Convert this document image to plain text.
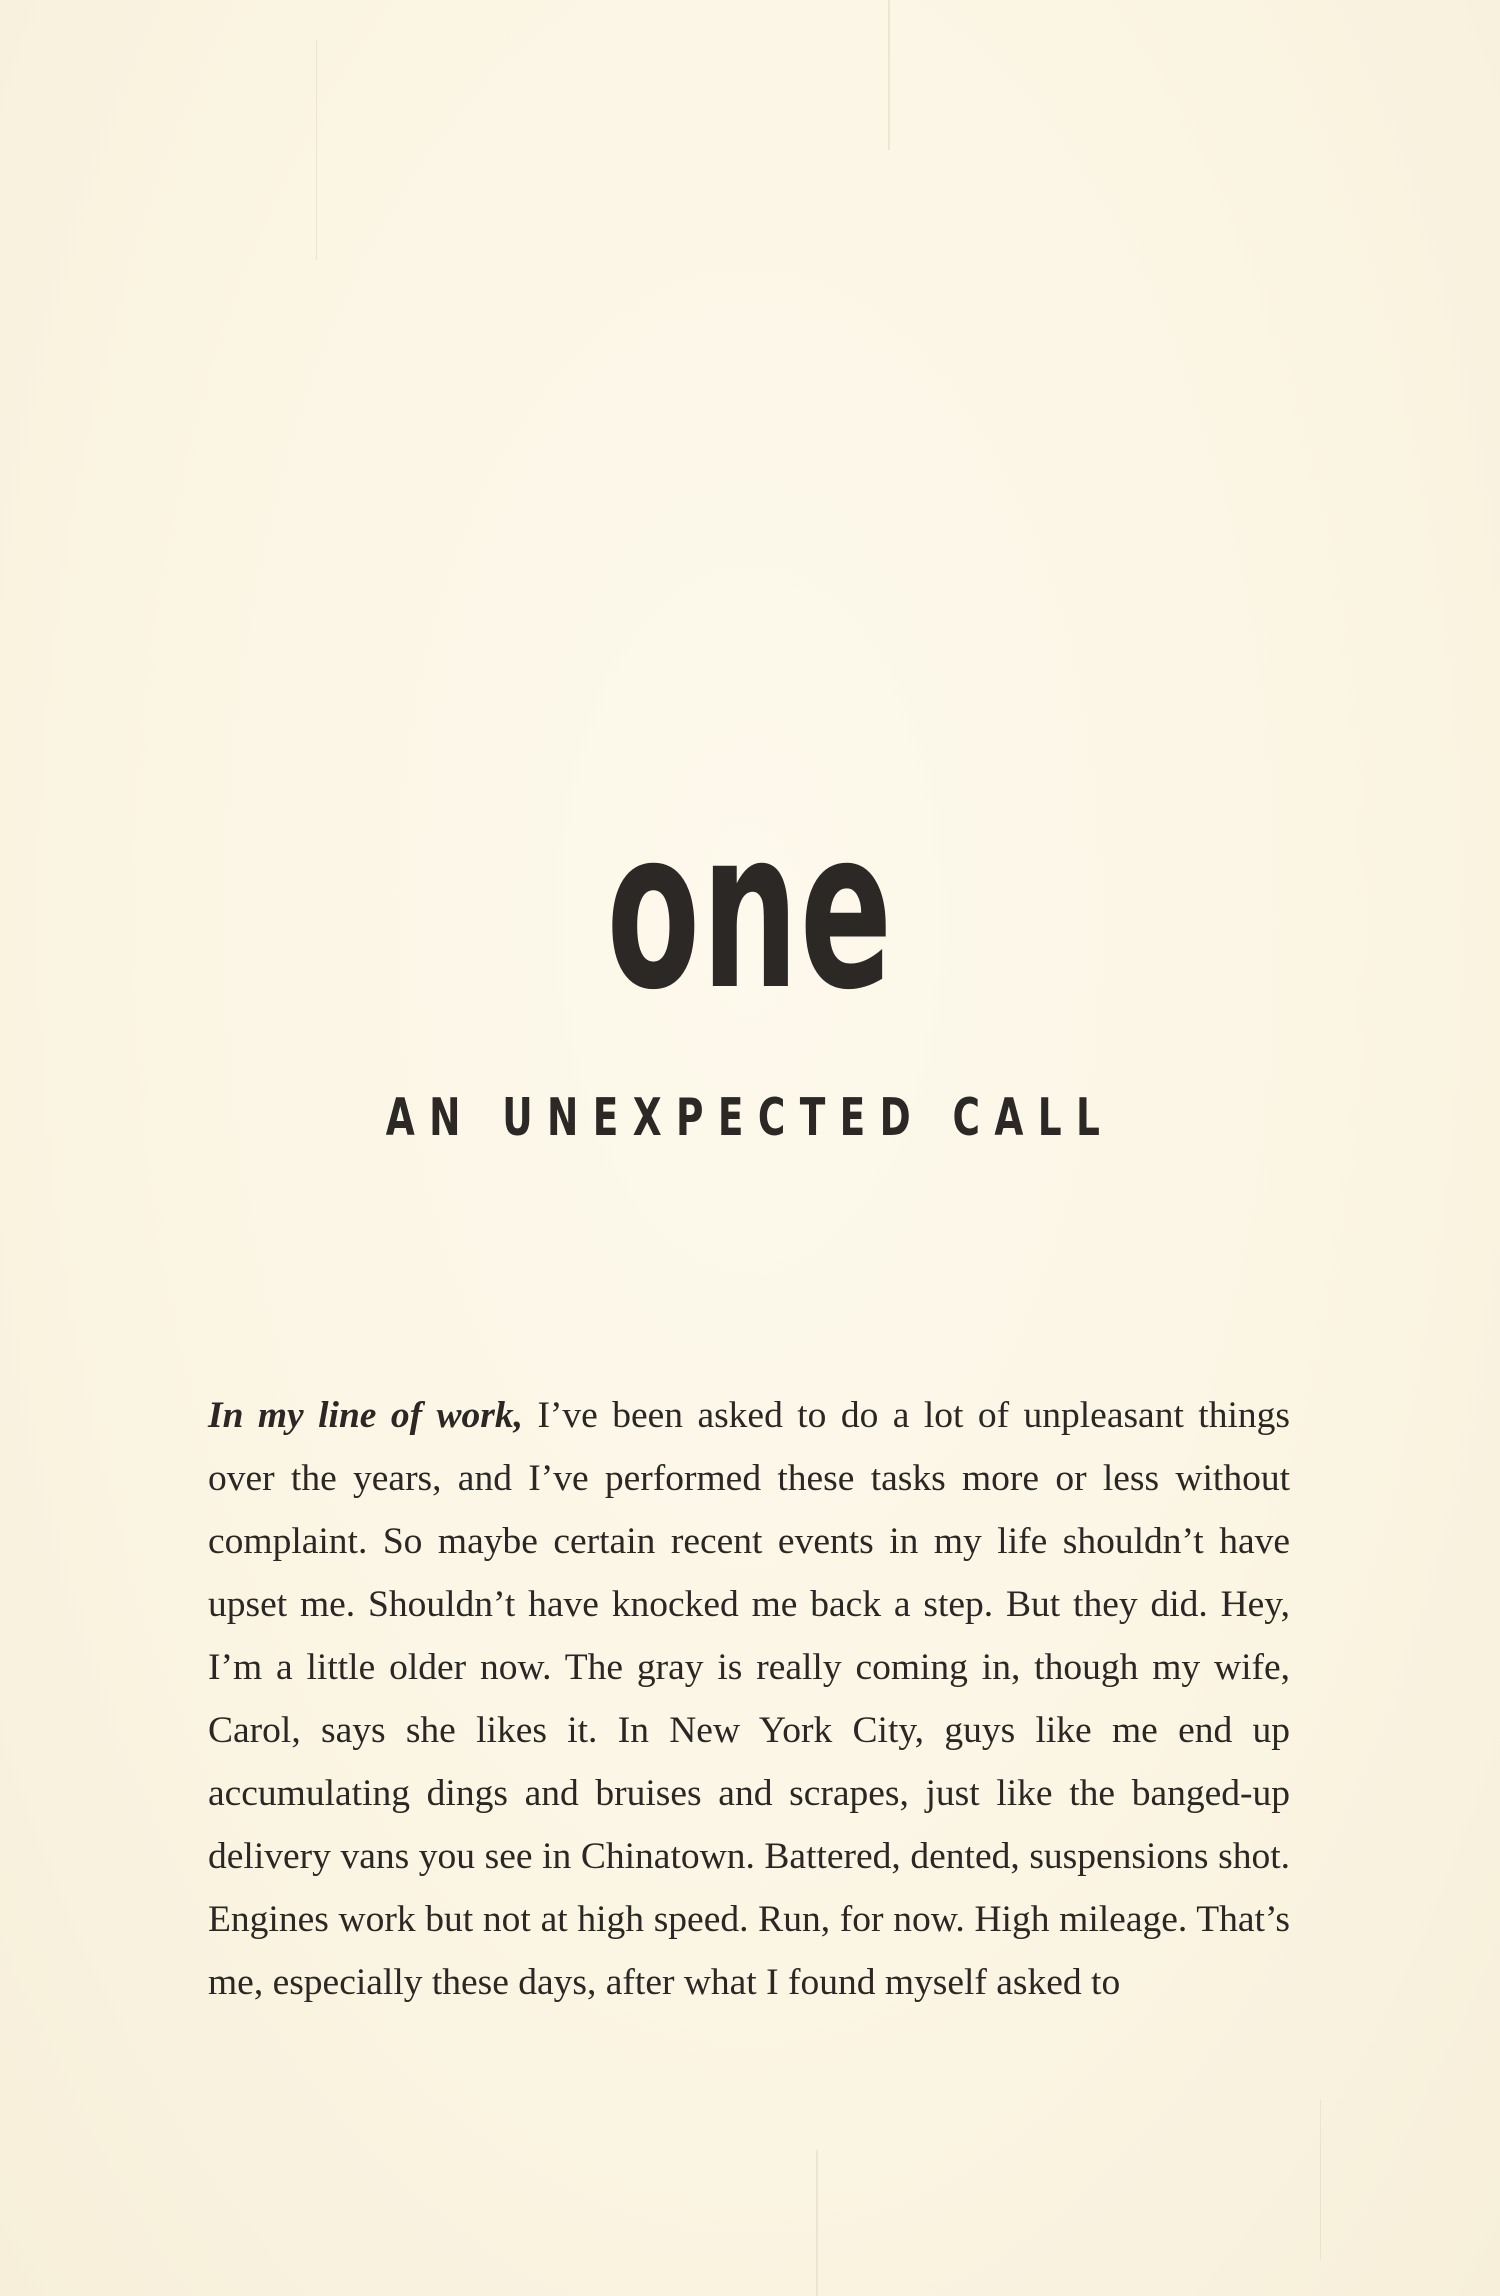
one
AN UNEXPECTED CALL

In my line of work, I’ve been asked to do a lot of unpleasant things over the years, and I’ve performed these tasks more or less without complaint. So maybe certain recent events in my life shouldn’t have upset me. Shouldn’t have knocked me back a step. But they did. Hey, I’m a little older now. The gray is really coming in, though my wife, Carol, says she likes it. In New York City, guys like me end up accumulating dings and bruises and scrapes, just like the banged-up delivery vans you see in Chinatown. Battered, dented, suspensions shot. Engines work but not at high speed. Run, for now. High mileage. That’s me, especially these days, after what I found myself asked to
